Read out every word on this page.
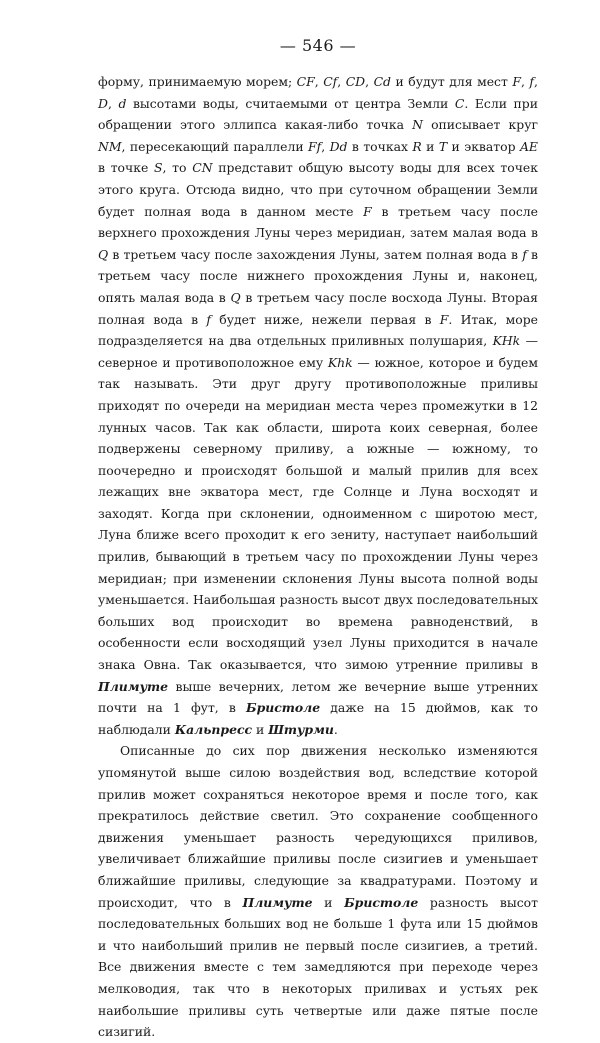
— 546 —

форму, принимаемую морем; CF, Cf, CD, Cd и будут для мест F, f, D, d высотами воды, считаемыми от центра Земли C. Если при обращении этого эллипса какая-либо точка N описывает круг NM, пересекающий параллели Ff, Dd в точках R и T и экватор AE в точке S, то CN представит общую высоту воды для всех точек этого круга. Отсюда видно, что при суточном обращении Земли будет полная вода в данном месте F в третьем часу после верхнего прохождения Луны через меридиан, затем малая вода в Q в третьем часу после захождения Луны, затем полная вода в f в третьем часу после нижнего прохождения Луны и, наконец, опять малая вода в Q в третьем часу после восхода Луны. Вторая полная вода в f будет ниже, нежели первая в F. Итак, море подразделяется на два отдельных приливных полушария, KHk — северное и противоположное ему Khk — южное, которое и будем так называть. Эти друг другу противоположные приливы приходят по очереди на меридиан места через промежутки в 12 лунных часов. Так как области, широта коих северная, более подвержены северному приливу, а южные — южному, то поочередно и происходят большой и малый прилив для всех лежащих вне экватора мест, где Солнце и Луна восходят и заходят. Когда при склонении, одноименном с широтою мест, Луна ближе всего проходит к его зениту, наступает наибольший прилив, бывающий в третьем часу по прохождении Луны через меридиан; при изменении склонения Луны высота полной воды уменьшается. Наибольшая разность высот двух последовательных больших вод происходит во времена равноденствий, в особенности если восходящий узел Луны приходится в начале знака Овна. Так оказывается, что зимою утренние приливы в Плимуте выше вечерних, летом же вечерние выше утренних почти на 1 фут, в Бристоле даже на 15 дюймов, как то наблюдали Кальпресс и Штурми.

Описанные до сих пор движения несколько изменяются упомянутой выше силою воздействия вод, вследствие которой прилив может сохраняться некоторое время и после того, как прекратилось действие светил. Это сохранение сообщенного движения уменьшает разность чередующихся приливов, увеличивает ближайшие приливы после сизигиев и уменьшает ближайшие приливы, следующие за квадратурами. Поэтому и происходит, что в Плимуте и Бристоле разность высот последовательных больших вод не больше 1 фута или 15 дюймов и что наибольший прилив не первый после сизигиев, а третий. Все движения вместе с тем замедляются при переходе через мелководия, так что в некоторых приливах и устьях рек наибольшие приливы суть четвертые или даже пятые после сизигий.
